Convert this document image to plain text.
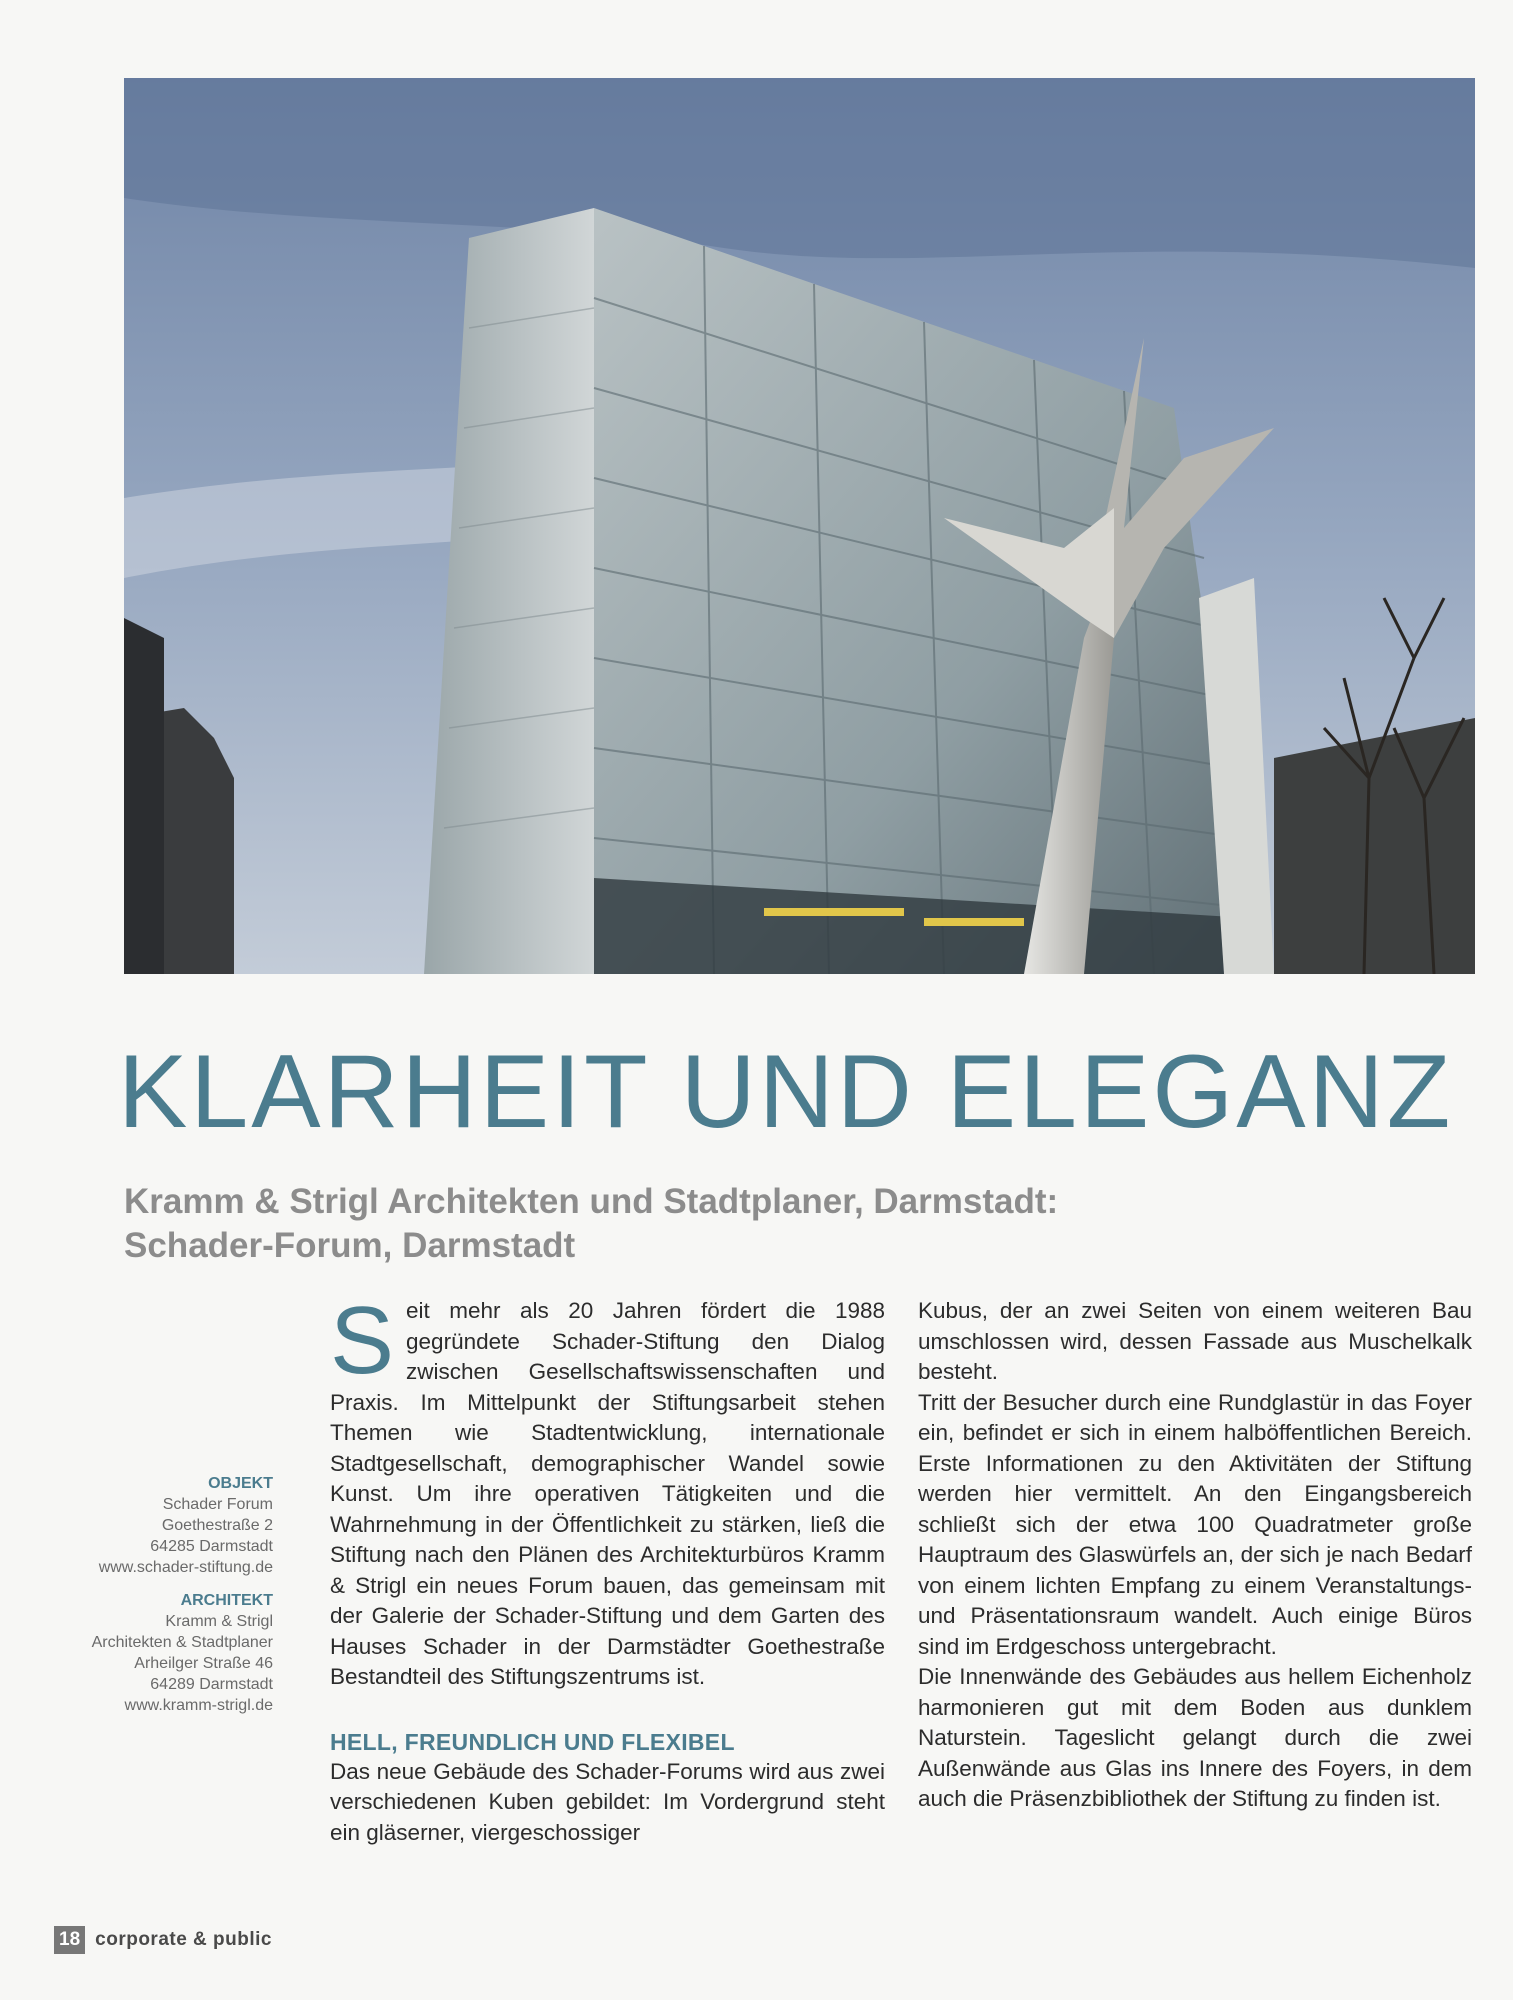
KLARHEIT UND ELEGANZ
Kramm & Strigl Architekten und Stadtplaner, Darmstadt:
Schader-Forum, Darmstadt
OBJEKT
Schader Forum
Goethestraße 2
64285 Darmstadt
www.schader-stiftung.de
ARCHITEKT
Kramm & Strigl
Architekten & Stadtplaner
Arheilger Straße 46
64289 Darmstadt
www.kramm-strigl.de
S eit mehr als 20 Jahren fördert die 1988 gegründete Schader-Stiftung den Dialog zwischen Gesellschaftswissenschaften und Praxis. Im Mittelpunkt der Stiftungsarbeit stehen Themen wie Stadtentwicklung, internationale Stadtgesellschaft, demographischer Wandel sowie Kunst. Um ihre operativen Tätigkeiten und die Wahrnehmung in der Öffentlichkeit zu stärken, ließ die Stiftung nach den Plänen des Architekturbüros Kramm & Strigl ein neues Forum bauen, das gemeinsam mit der Galerie der Schader-Stiftung und dem Garten des Hauses Schader in der Darmstädter Goethestraße Bestandteil des Stiftungszentrums ist.

HELL, FREUNDLICH UND FLEXIBEL

Das neue Gebäude des Schader-Forums wird aus zwei verschiedenen Kuben gebildet: Im Vordergrund steht ein gläserner, viergeschossiger

Kubus, der an zwei Seiten von einem weiteren Bau umschlossen wird, dessen Fassade aus Muschelkalk besteht.

Tritt der Besucher durch eine Rundglastür in das Foyer ein, befindet er sich in einem halböffentlichen Bereich. Erste Informationen zu den Aktivitäten der Stiftung werden hier vermittelt. An den Eingangsbereich schließt sich der etwa 100 Quadratmeter große Hauptraum des Glaswürfels an, der sich je nach Bedarf von einem lichten Empfang zu einem Veranstaltungs- und Präsentationsraum wandelt. Auch einige Büros sind im Erdgeschoss untergebracht.

Die Innenwände des Gebäudes aus hellem Eichenholz harmonieren gut mit dem Boden aus dunklem Naturstein. Tageslicht gelangt durch die zwei Außenwände aus Glas ins Innere des Foyers, in dem auch die Präsenzbibliothek der Stiftung zu finden ist.

18 corporate & public
